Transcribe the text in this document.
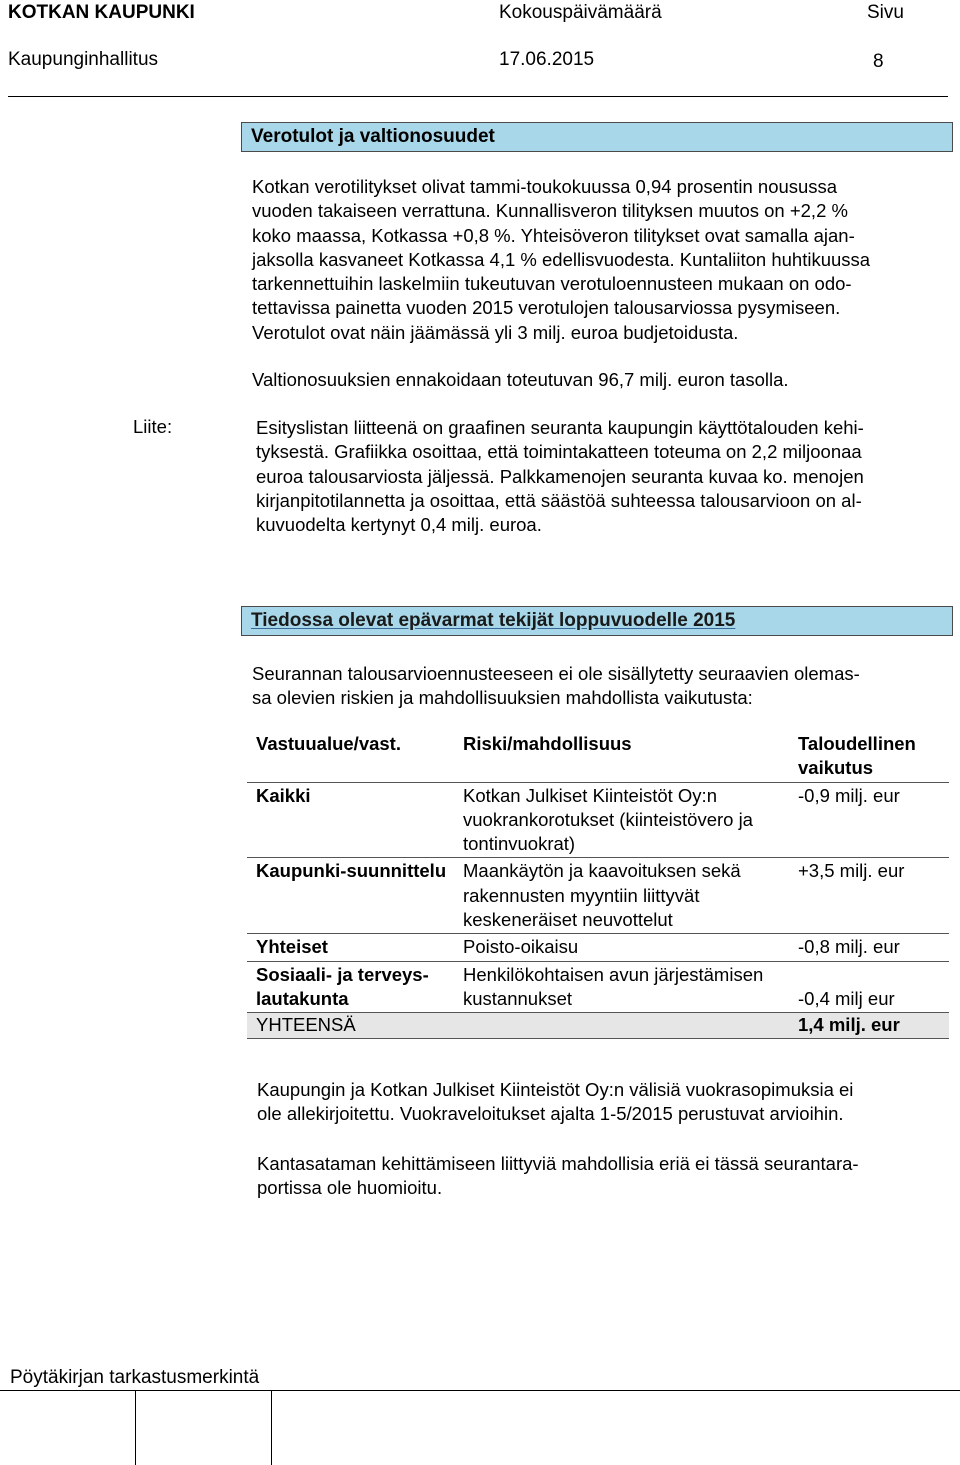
KOTKAN KAUPUNKI	Kokouspäivämäärä	Sivu
Kaupunginhallitus	17.06.2015	8
Verotulot ja valtionosuudet

Kotkan verotilitykset olivat tammi-toukokuussa 0,94 prosentin nousussa

vuoden takaiseen verrattuna. Kunnallisveron tilityksen muutos on +2,2 %

koko maassa, Kotkassa +0,8 %. Yhteisöveron tilitykset ovat samalla ajan-

jaksolla kasvaneet Kotkassa 4,1 % edellisvuodesta. Kuntaliiton huhtikuussa

tarkennettuihin laskelmiin tukeutuvan verotuloennusteen mukaan on odo-

tettavissa painetta vuoden 2015 verotulojen talousarviossa pysymiseen.

Verotulot ovat näin jäämässä yli 3 milj. euroa budjetoidusta.

Valtionosuuksien ennakoidaan toteutuvan 96,7 milj. euron tasolla.

Liite:	Esityslistan liitteenä on graafinen seuranta kaupungin käyttötalouden kehi-

tyksestä. Grafiikka osoittaa, että toimintakatteen toteuma on 2,2 miljoonaa

euroa talousarviosta jäljessä. Palkkamenojen seuranta kuvaa ko. menojen

kirjanpitotilannetta ja osoittaa, että säästöä suhteessa talousarvioon on al-

kuvuodelta kertynyt 0,4 milj. euroa.

Tiedossa olevat epävarmat tekijät loppuvuodelle 2015

Seurannan talousarvioennusteeseen ei ole sisällytetty seuraavien olemas-

sa olevien riskien ja mahdollisuuksien mahdollista vaikutusta:

Vastuualue/vast.	Riski/mahdollisuus	Taloudellinen vaikutus
Kaikki	Kotkan Julkiset Kiinteistöt Oy:n vuokrankorotukset (kiinteistövero ja tontinvuokrat)	-0,9 milj. eur
Kaupunki-suunnittelu	Maankäytön ja kaavoituksen sekä rakennusten myyntiin liittyvät keskeneräiset neuvottelut	+3,5 milj. eur
Yhteiset	Poisto-oikaisu	-0,8 milj. eur
Sosiaali- ja terveys-lautakunta	Henkilökohtaisen avun järjestämisen kustannukset	-0,4 milj eur

YHTEENSÄ		1,4 milj. eur

Kaupungin ja Kotkan Julkiset Kiinteistöt Oy:n välisiä vuokrasopimuksia ei

ole allekirjoitettu. Vuokraveloitukset ajalta 1-5/2015 perustuvat arvioihin.

Kantasataman kehittämiseen liittyviä mahdollisia eriä ei tässä seurantara-

portissa ole huomioitu.

Pöytäkirjan tarkastusmerkintä
